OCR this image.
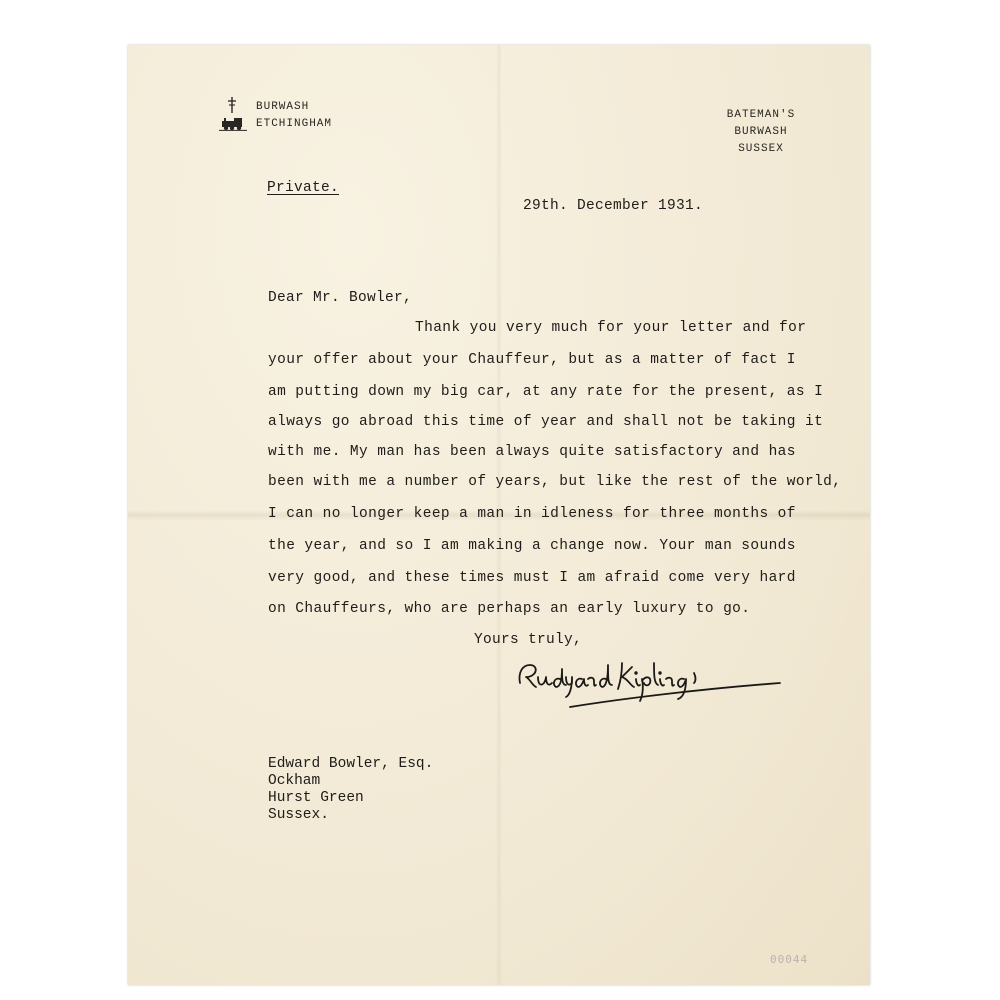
BURWASH
ETCHINGHAM
BATEMAN'S
BURWASH
SUSSEX
Private.
29th. December 1931.
Dear Mr. Bowler,
Thank you very much for your letter and for
your offer about your Chauffeur, but as a matter of fact I
am putting down my big car, at any rate for the present, as I
always go abroad this time of year and shall not be taking it
with me. My man has been always quite satisfactory and has
been with me a number of years, but like the rest of the world,
I can no longer keep a man in idleness for three months of
the year, and so I am making a change now. Your man sounds
very good, and these times must I am afraid come very hard
on Chauffeurs, who are perhaps an early luxury to go.
Yours truly,
Edward Bowler, Esq.
Ockham
Hurst Green
Sussex.
00044
